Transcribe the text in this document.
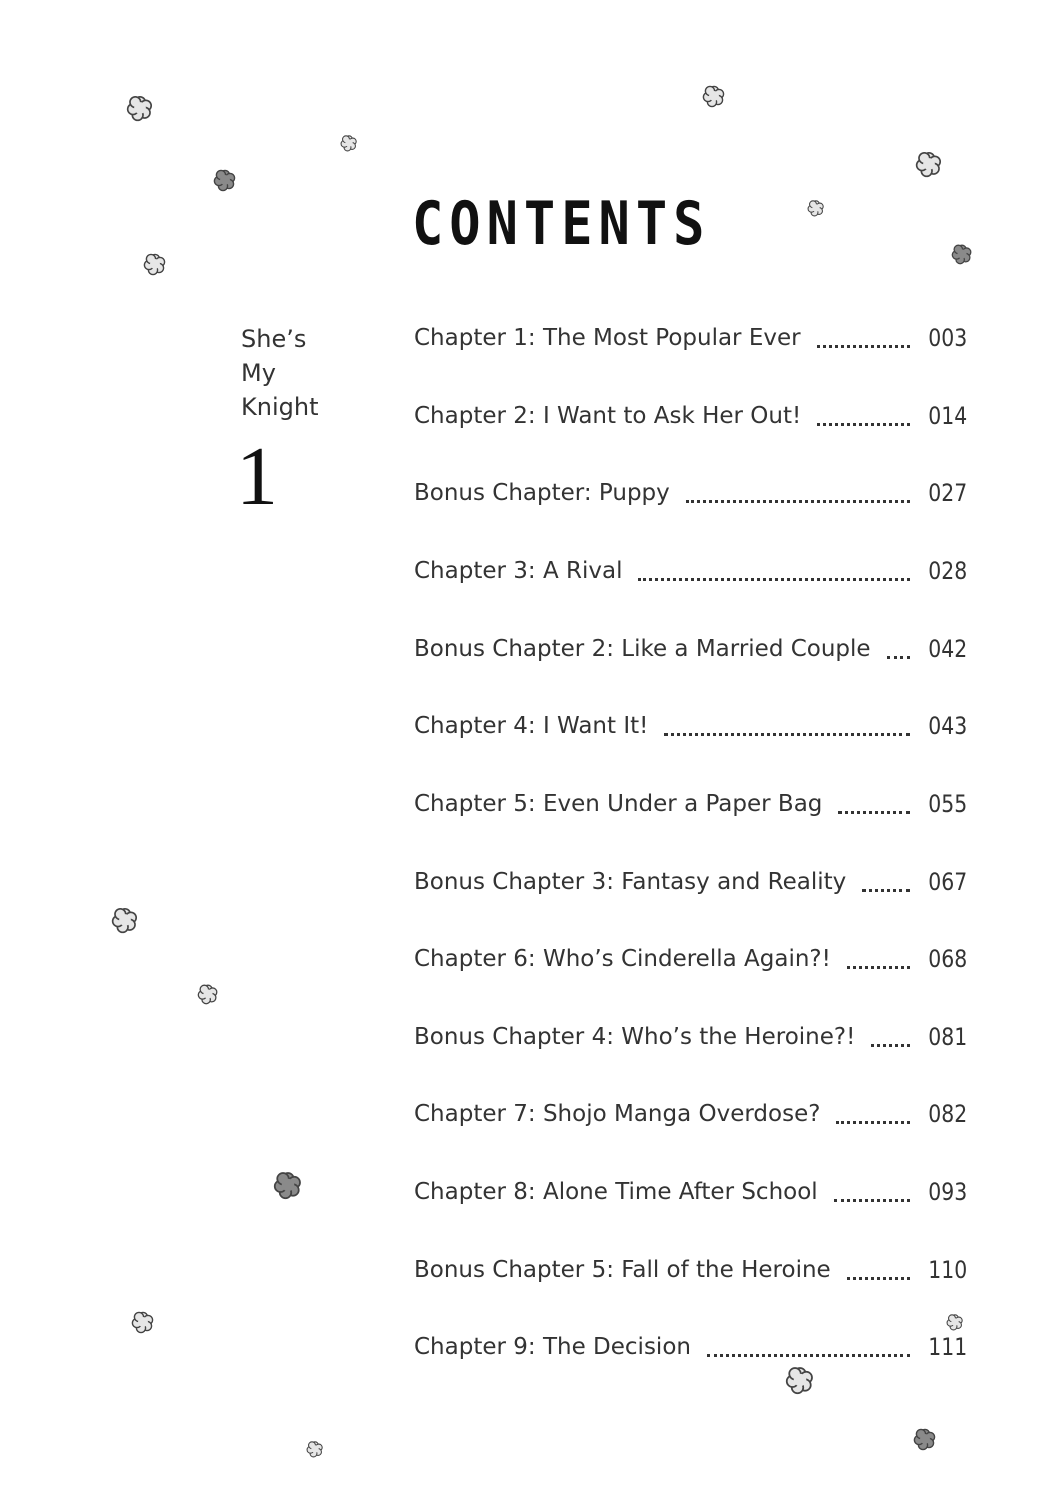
CONTENTS
She’s
My
Knight
1
Chapter 1: The Most Popular Ever	003
Chapter 2: I Want to Ask Her Out!	014
Bonus Chapter: Puppy	027
Chapter 3: A Rival	028
Bonus Chapter 2: Like a Married Couple 042
Chapter 4: I Want It!	043
Chapter 5: Even Under a Paper Bag	055
Bonus Chapter 3: Fantasy and Reality	067
Chapter 6: Who’s Cinderella Again?!	068
Bonus Chapter 4: Who’s the Heroine?!	081
Chapter 7: Shojo Manga Overdose?	082
Chapter 8: Alone Time After School	093
Bonus Chapter 5: Fall of the Heroine	110
Chapter 9: The Decision	111
